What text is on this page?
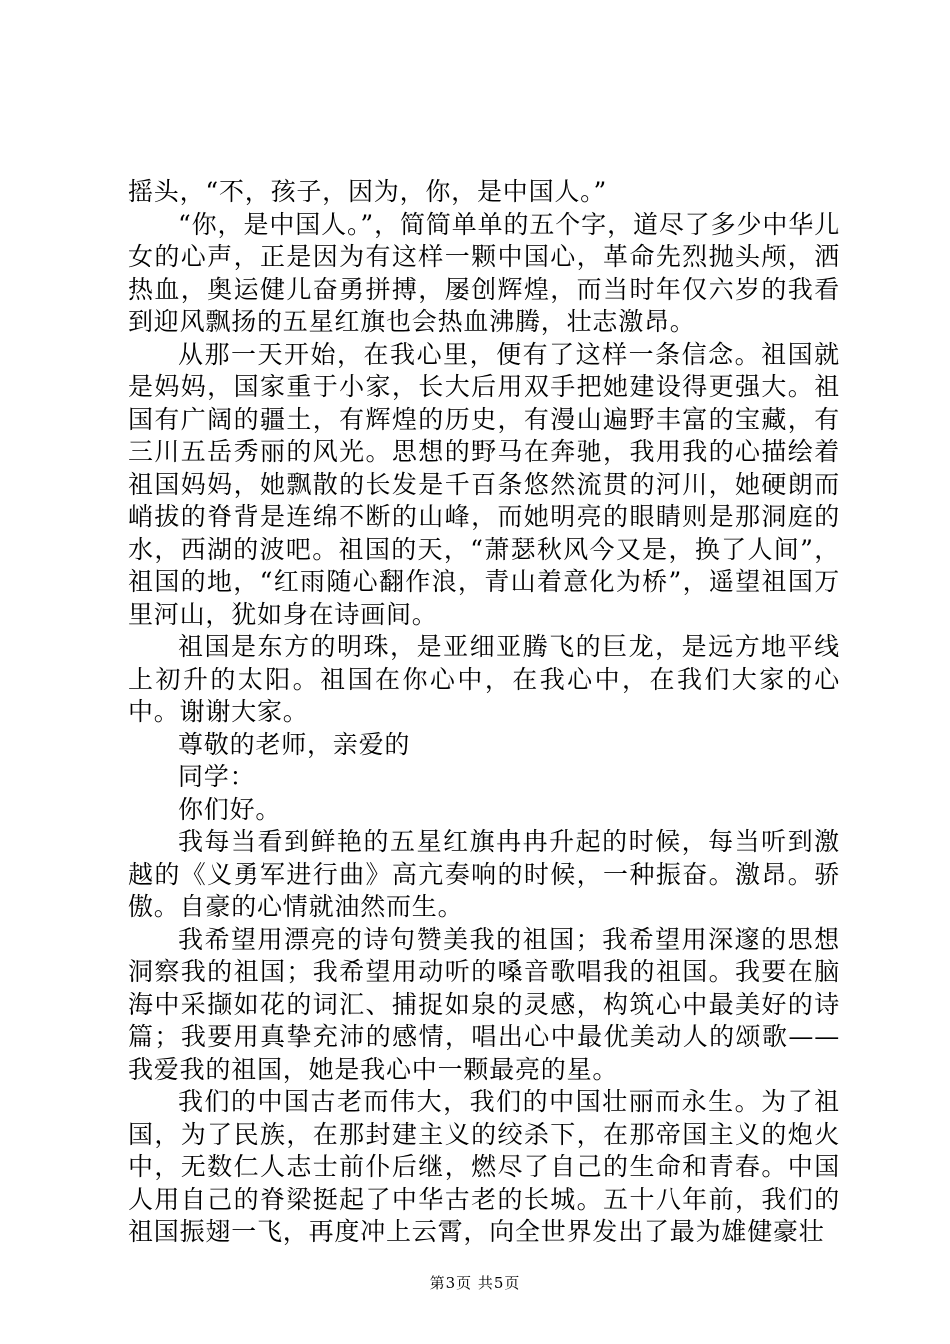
摇头，“不，孩子，因为，你，是中国人。”

“你，是中国人。”，简简单单的五个字，道尽了多少中华儿女的心声，正是因为有这样一颗中国心，革命先烈抛头颅，洒热血，奥运健儿奋勇拼搏，屡创辉煌，而当时年仅六岁的我看到迎风飘扬的五星红旗也会热血沸腾，壮志激昂。

从那一天开始，在我心里，便有了这样一条信念。祖国就是妈妈，国家重于小家，长大后用双手把她建设得更强大。祖国有广阔的疆土，有辉煌的历史，有漫山遍野丰富的宝藏，有三川五岳秀丽的风光。思想的野马在奔驰，我用我的心描绘着祖国妈妈，她飘散的长发是千百条悠然流贯的河川，她硬朗而峭拔的脊背是连绵不断的山峰，而她明亮的眼睛则是那洞庭的水，西湖的波吧。祖国的天，“萧瑟秋风今又是，换了人间”，祖国的地，“红雨随心翻作浪，青山着意化为桥”，遥望祖国万里河山，犹如身在诗画间。

祖国是东方的明珠，是亚细亚腾飞的巨龙，是远方地平线上初升的太阳。祖国在你心中，在我心中，在我们大家的心中。谢谢大家。

尊敬的老师，亲爱的

同学：

你们好。

我每当看到鲜艳的五星红旗冉冉升起的时候，每当听到激越的《义勇军进行曲》高亢奏响的时候，一种振奋。激昂。骄傲。自豪的心情就油然而生。

我希望用漂亮的诗句赞美我的祖国；我希望用深邃的思想洞察我的祖国；我希望用动听的嗓音歌唱我的祖国。我要在脑海中采撷如花的词汇、捕捉如泉的灵感，构筑心中最美好的诗篇；我要用真挚充沛的感情，唱出心中最优美动人的颂歌——我爱我的祖国，她是我心中一颗最亮的星。

我们的中国古老而伟大，我们的中国壮丽而永生。为了祖国，为了民族，在那封建主义的绞杀下，在那帝国主义的炮火中，无数仁人志士前仆后继，燃尽了自己的生命和青春。中国人用自己的脊梁挺起了中华古老的长城。五十八年前，我们的祖国振翅一飞，再度冲上云霄，向全世界发出了最为雄健豪壮

第3页 共5页
